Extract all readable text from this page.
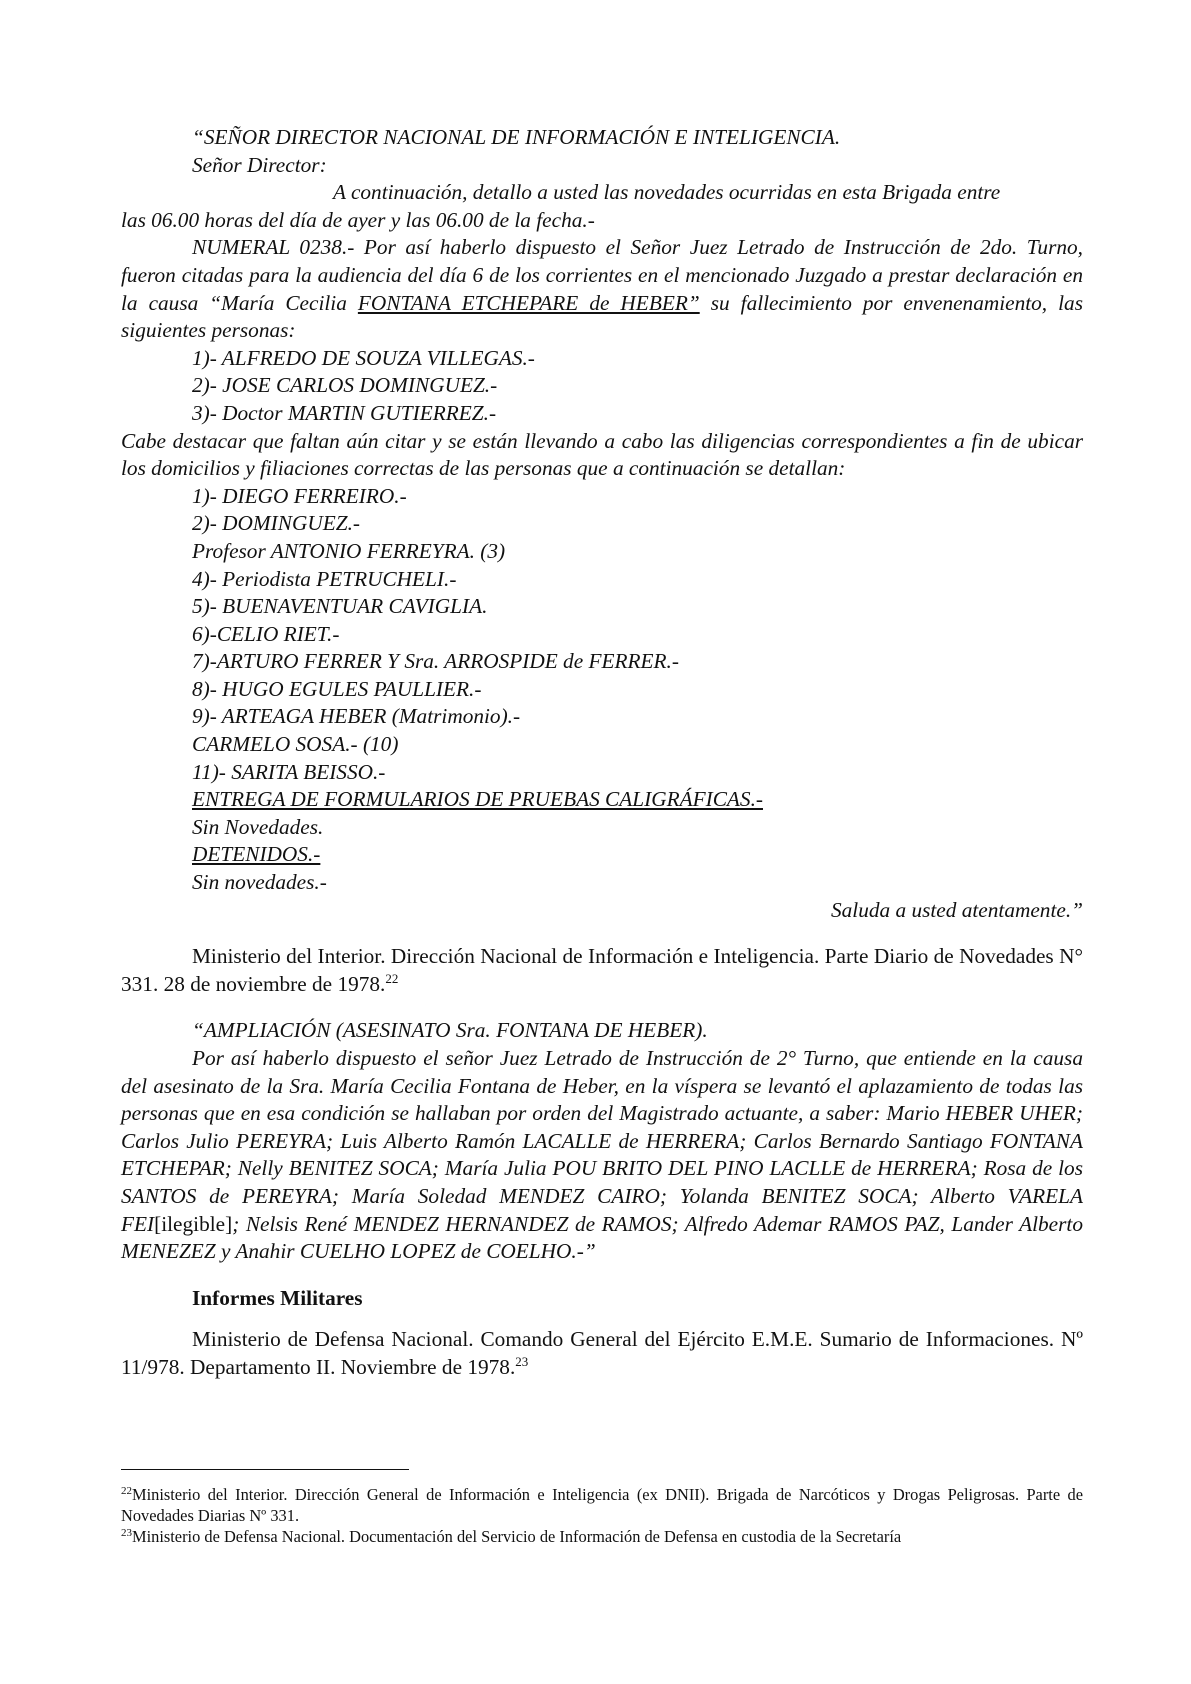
“SEÑOR DIRECTOR NACIONAL DE INFORMACIÓN E INTELIGENCIA.

Señor Director:

A continuación, detallo a usted las novedades ocurridas en esta Brigada entre

las 06.00 horas del día de ayer y las 06.00 de la fecha.-

NUMERAL 0238.- Por así haberlo dispuesto el Señor Juez Letrado de Instrucción de 2do. Turno, fueron citadas para la audiencia del día 6 de los corrientes en el mencionado Juzgado a prestar declaración en la causa “María Cecilia FONTANA ETCHEPARE de HEBER” su fallecimiento por envenenamiento, las siguientes personas:

1)- ALFREDO DE SOUZA VILLEGAS.-

2)- JOSE CARLOS DOMINGUEZ.-

3)- Doctor MARTIN GUTIERREZ.-

Cabe destacar que faltan aún citar y se están llevando a cabo las diligencias correspondientes a fin de ubicar los domicilios y filiaciones correctas de las personas que a continuación se detallan:

1)- DIEGO FERREIRO.-

2)- DOMINGUEZ.-

Profesor ANTONIO FERREYRA. (3)

4)- Periodista PETRUCHELI.-

5)- BUENAVENTUAR CAVIGLIA.

6)-CELIO RIET.-

7)-ARTURO FERRER Y Sra. ARROSPIDE de FERRER.-

8)- HUGO EGULES PAULLIER.-

9)- ARTEAGA HEBER (Matrimonio).-

CARMELO SOSA.- (10)

11)- SARITA BEISSO.-

ENTREGA DE FORMULARIOS DE PRUEBAS CALIGRÁFICAS.-

Sin Novedades.

DETENIDOS.-

Sin novedades.-

Saluda a usted atentamente.”

Ministerio del Interior. Dirección Nacional de Información e Inteligencia. Parte Diario de Novedades N° 331. 28 de noviembre de 1978.22

“AMPLIACIÓN (ASESINATO Sra. FONTANA DE HEBER).

Por así haberlo dispuesto el señor Juez Letrado de Instrucción de 2° Turno, que entiende en la causa del asesinato de la Sra. María Cecilia Fontana de Heber, en la víspera se levantó el aplazamiento de todas las personas que en esa condición se hallaban por orden del Magistrado actuante, a saber: Mario HEBER UHER; Carlos Julio PEREYRA; Luis Alberto Ramón LACALLE de HERRERA; Carlos Bernardo Santiago FONTANA ETCHEPAR; Nelly BENITEZ SOCA; María Julia POU BRITO DEL PINO LACLLE de HERRERA; Rosa de los SANTOS de PEREYRA; María Soledad MENDEZ CAIRO; Yolanda BENITEZ SOCA; Alberto VARELA FEI[ilegible]; Nelsis René MENDEZ HERNANDEZ de RAMOS; Alfredo Ademar RAMOS PAZ, Lander Alberto MENEZEZ y Anahir CUELHO LOPEZ de COELHO.-”

Informes Militares

Ministerio de Defensa Nacional. Comando General del Ejército E.M.E. Sumario de Informaciones. Nº 11/978. Departamento II. Noviembre de 1978.23

$^{22}$Ministerio del Interior. Dirección General de Información e Inteligencia (ex DNII). Brigada de Narcóticos y Drogas Peligrosas. Parte de Novedades Diarias Nº 331.

$^{23}$Ministerio de Defensa Nacional. Documentación del Servicio de Información de Defensa en custodia de la Secretaría
